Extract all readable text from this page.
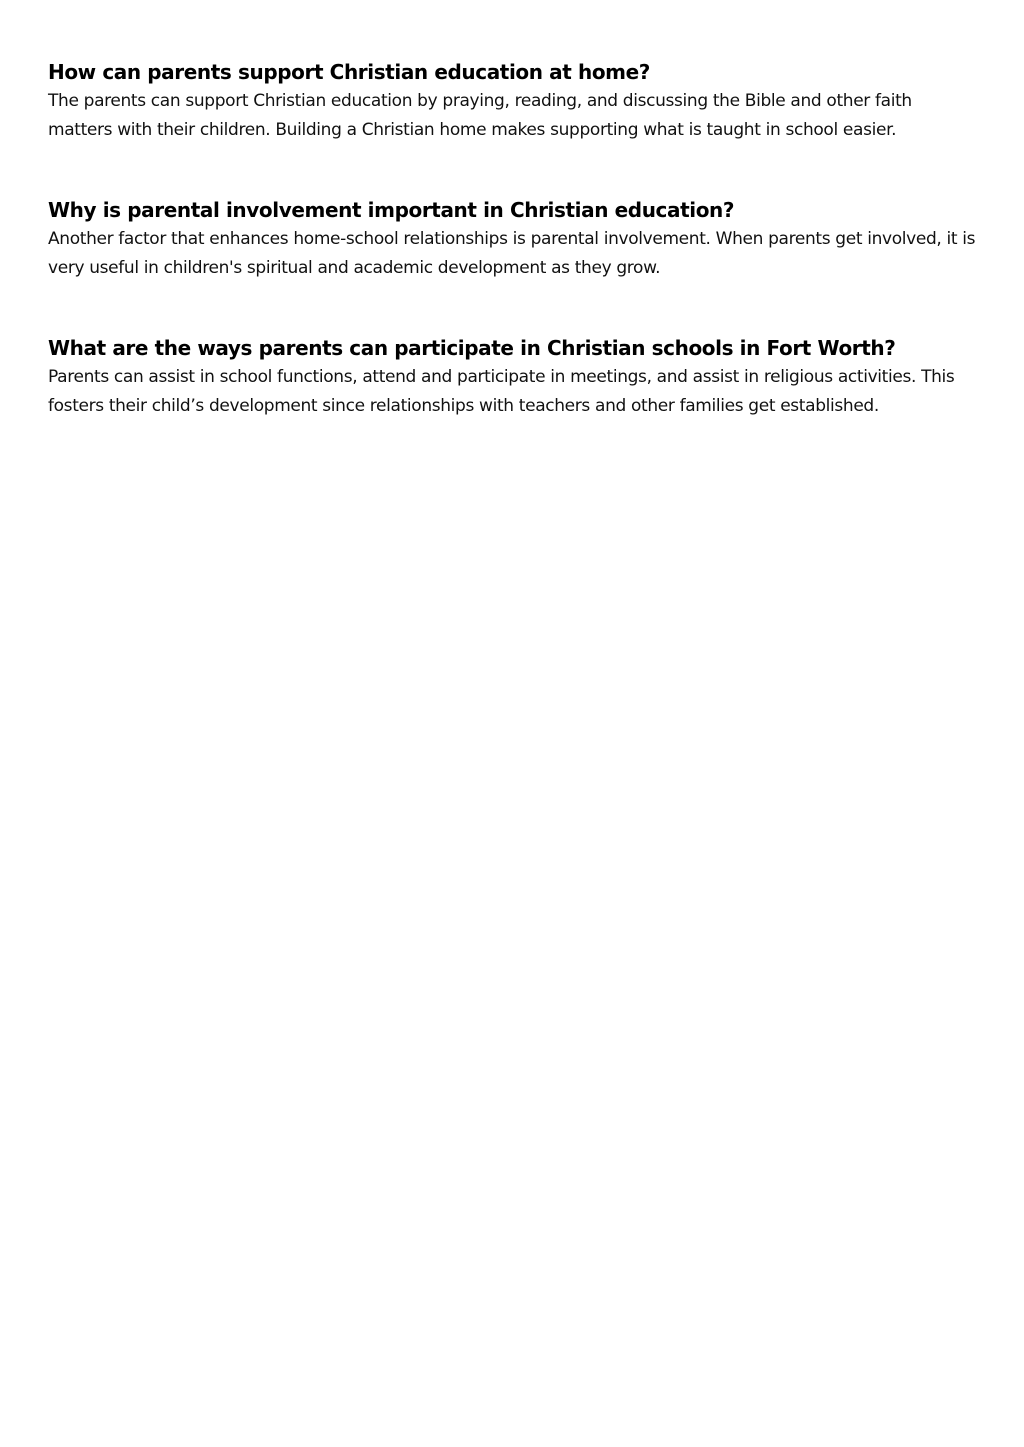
How can parents support Christian education at home?

The parents can support Christian education by praying, reading, and discussing the Bible and other faith matters with their children. Building a Christian home makes supporting what is taught in school easier.

Why is parental involvement important in Christian education?

Another factor that enhances home-school relationships is parental involvement. When parents get involved, it is very useful in children's spiritual and academic development as they grow.

What are the ways parents can participate in Christian schools in Fort Worth?

Parents can assist in school functions, attend and participate in meetings, and assist in religious activities. This fosters their child’s development since relationships with teachers and other families get established.
